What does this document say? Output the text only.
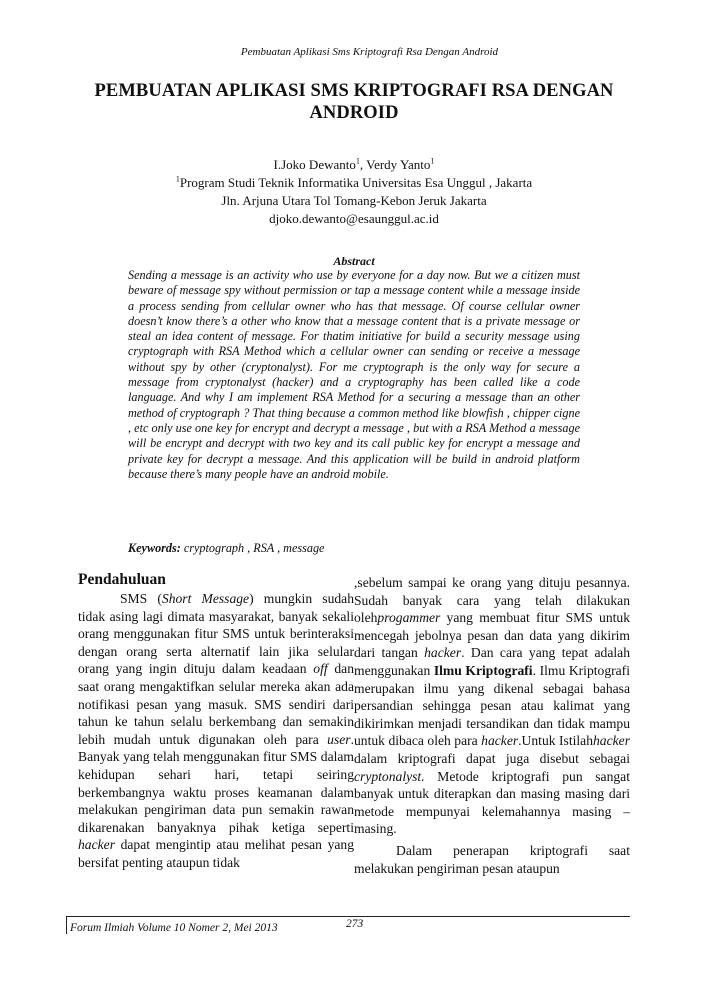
Pembuatan Aplikasi Sms Kriptografi Rsa Dengan Android
PEMBUATAN APLIKASI SMS KRIPTOGRAFI RSA DENGAN
ANDROID
I.Joko Dewanto$^1$, Verdy Yanto$^1$
$^1$Program Studi Teknik Informatika Universitas Esa Unggul , Jakarta
Jln. Arjuna Utara Tol Tomang-Kebon Jeruk Jakarta
djoko.dewanto@esaunggul.ac.id
Abstract
Sending a message is an activity who use by everyone for a day now. But we a citizen must beware of message spy without permission or tap a message content while a message inside a process sending from cellular owner who has that message. Of course cellular owner doesn’t know there’s a other who know that a message content that is a private message or steal an idea content of message. For thatim initiative for build a security message using cryptograph with RSA Method which a cellular owner can sending or receive a message without spy by other (cryptonalyst). For me cryptograph is the only way for secure a message from cryptonalyst (hacker) and a cryptography has been called like a code language. And why I am implement RSA Method for a securing a message than an other method of cryptograph ? That thing because a common method like blowfish , chipper cigne , etc only use one key for encrypt and decrypt a message , but with a RSA Method a message will be encrypt and decrypt with two key and its call public key for encrypt a message and private key for decrypt a message. And this application will be build in android platform because there’s many people have an android mobile.
Keywords: cryptograph , RSA , message
Pendahuluan

SMS (Short Message) mungkin sudah tidak asing lagi dimata masyarakat, banyak sekali orang menggunakan fitur SMS untuk berinteraksi dengan orang serta alternatif lain jika selular orang yang ingin dituju dalam keadaan off dan saat orang mengaktifkan selular mereka akan ada notifikasi pesan yang masuk. SMS sendiri dari tahun ke tahun selalu berkembang dan semakin lebih mudah untuk digunakan oleh para user. Banyak yang telah menggunakan fitur SMS dalam kehidupan sehari hari, tetapi seiring berkembangnya waktu proses keamanan dalam melakukan pengiriman data pun semakin rawan dikarenakan banyaknya pihak ketiga seperti hacker dapat mengintip atau melihat pesan yang bersifat penting ataupun tidak

,sebelum sampai ke orang yang dituju pesannya. Sudah banyak cara yang telah dilakukan olehprogammer yang membuat fitur SMS untuk mencegah jebolnya pesan dan data yang dikirim dari tangan hacker. Dan cara yang tepat adalah menggunakan Ilmu Kriptografi. Ilmu Kriptografi merupakan ilmu yang dikenal sebagai bahasa persandian sehingga pesan atau kalimat yang dikirimkan menjadi tersandikan dan tidak mampu untuk dibaca oleh para hacker.Untuk Istilahhacker dalam kriptografi dapat juga disebut sebagai cryptonalyst. Metode kriptografi pun sangat banyak untuk diterapkan dan masing masing dari metode mempunyai kelemahannya masing – masing.

Dalam penerapan kriptografi saat melakukan pengiriman pesan ataupun

Forum Ilmiah Volume 10 Nomer 2, Mei 2013	273
